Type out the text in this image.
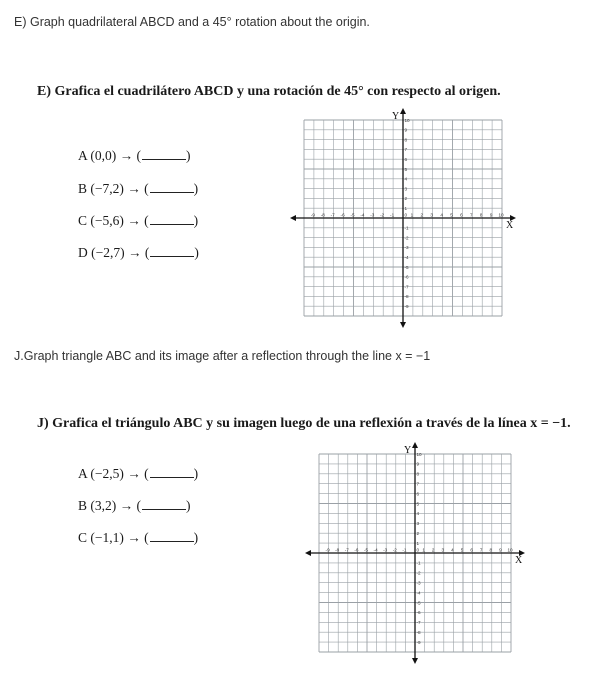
E) Graph quadrilateral ABCD and a 45° rotation about the origin.
E) Grafica el cuadrilátero ABCD y una rotación de 45° con respecto al origen.
A (0,0) → (	)
B (−7,2) → (	)
C (−5,6) → (	)
D (−2,7) → (	)
-9 -8 -7 -6 -5 -4 -3 -2 -1	1 2 3 4 5 6 7 8 9 10
-9
-8
-7
-6
-5
-4
-3
-2
-1
1
2
3
4
5
6
7
8
9
10
0
X
Y
J.Graph triangle ABC and its image after a reflection through the line x = −1
J) Grafica el triángulo ABC y su imagen luego de una reflexión a través de la línea x = −1.
A (−2,5) → (	)
B (3,2) → (	)
C (−1,1) → (	)
-9 -8 -7 -6 -5 -4 -3 -2 -1	1 2 3 4 5 6 7 8 9 10
-9
-8
-7
-6
-5
-4
-3
-2
-1
1
2
3
4
5
6
7
8
9
10
0
X
Y
